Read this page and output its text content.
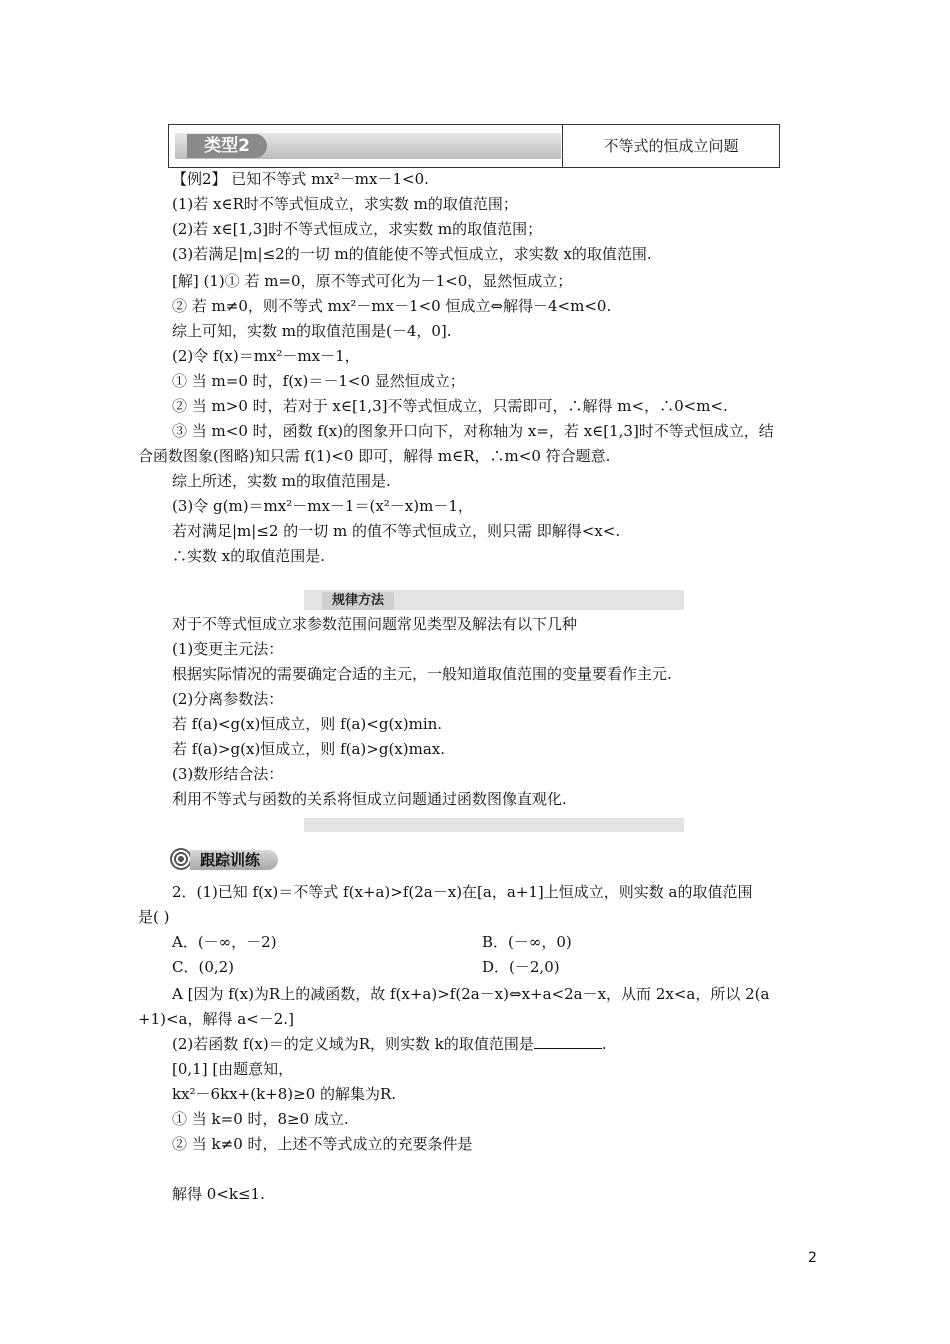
类型2	不等式的恒成立问题
【例2】 已知不等式 mx²－mx－1<0.
(1)若 x∈R时不等式恒成立，求实数 m的取值范围；
(2)若 x∈[1,3]时不等式恒成立，求实数 m的取值范围；
(3)若满足|m|≤2的一切 m的值能使不等式恒成立，求实数 x的取值范围.
[解] (1)① 若 m=0，原不等式可化为－1<0，显然恒成立；
② 若 m≠0，则不等式 mx²－mx－1<0 恒成立⇔解得－4<m<0.
综上可知，实数 m的取值范围是(－4，0].
(2)令 f(x)＝mx²－mx－1，
① 当 m=0 时，f(x)＝－1<0 显然恒成立；
② 当 m>0 时，若对于 x∈[1,3]不等式恒成立，只需即可，∴解得 m<，∴0<m<.
③ 当 m<0 时，函数 f(x)的图象开口向下，对称轴为 x=，若 x∈[1,3]时不等式恒成立，结
合函数图象(图略)知只需 f(1)<0 即可，解得 m∈R，∴m<0 符合题意.
综上所述，实数 m的取值范围是.
(3)令 g(m)＝mx²－mx－1＝(x²－x)m－1，
若对满足|m|≤2 的一切 m 的值不等式恒成立，则只需 即解得<x<.
∴实数 x的取值范围是.
规律方法
对于不等式恒成立求参数范围问题常见类型及解法有以下几种
(1)变更主元法：
根据实际情况的需要确定合适的主元，一般知道取值范围的变量要看作主元.
(2)分离参数法：
若 f(a)<g(x)恒成立，则 f(a)<g(x)min.
若 f(a)>g(x)恒成立，则 f(a)>g(x)max.
(3)数形结合法：
利用不等式与函数的关系将恒成立问题通过函数图像直观化.
跟踪训练
2．(1)已知 f(x)＝不等式 f(x+a)>f(2a－x)在[a，a+1]上恒成立，则实数 a的取值范围
是( )
A．(－∞，－2)	B．(－∞，0)
C．(0,2)	D．(－2,0)
A [因为 f(x)为R上的减函数，故 f(x+a)>f(2a－x)⇔x+a<2a－x，从而 2x<a，所以 2(a
+1)<a，解得 a<－2.]
(2)若函数 f(x)＝的定义域为R，则实数 k的取值范围是	.
[0,1] [由题意知，
kx²－6kx+(k+8)≥0 的解集为R.
① 当 k=0 时，8≥0 成立.
② 当 k≠0 时，上述不等式成立的充要条件是
解得 0<k≤1.
2
